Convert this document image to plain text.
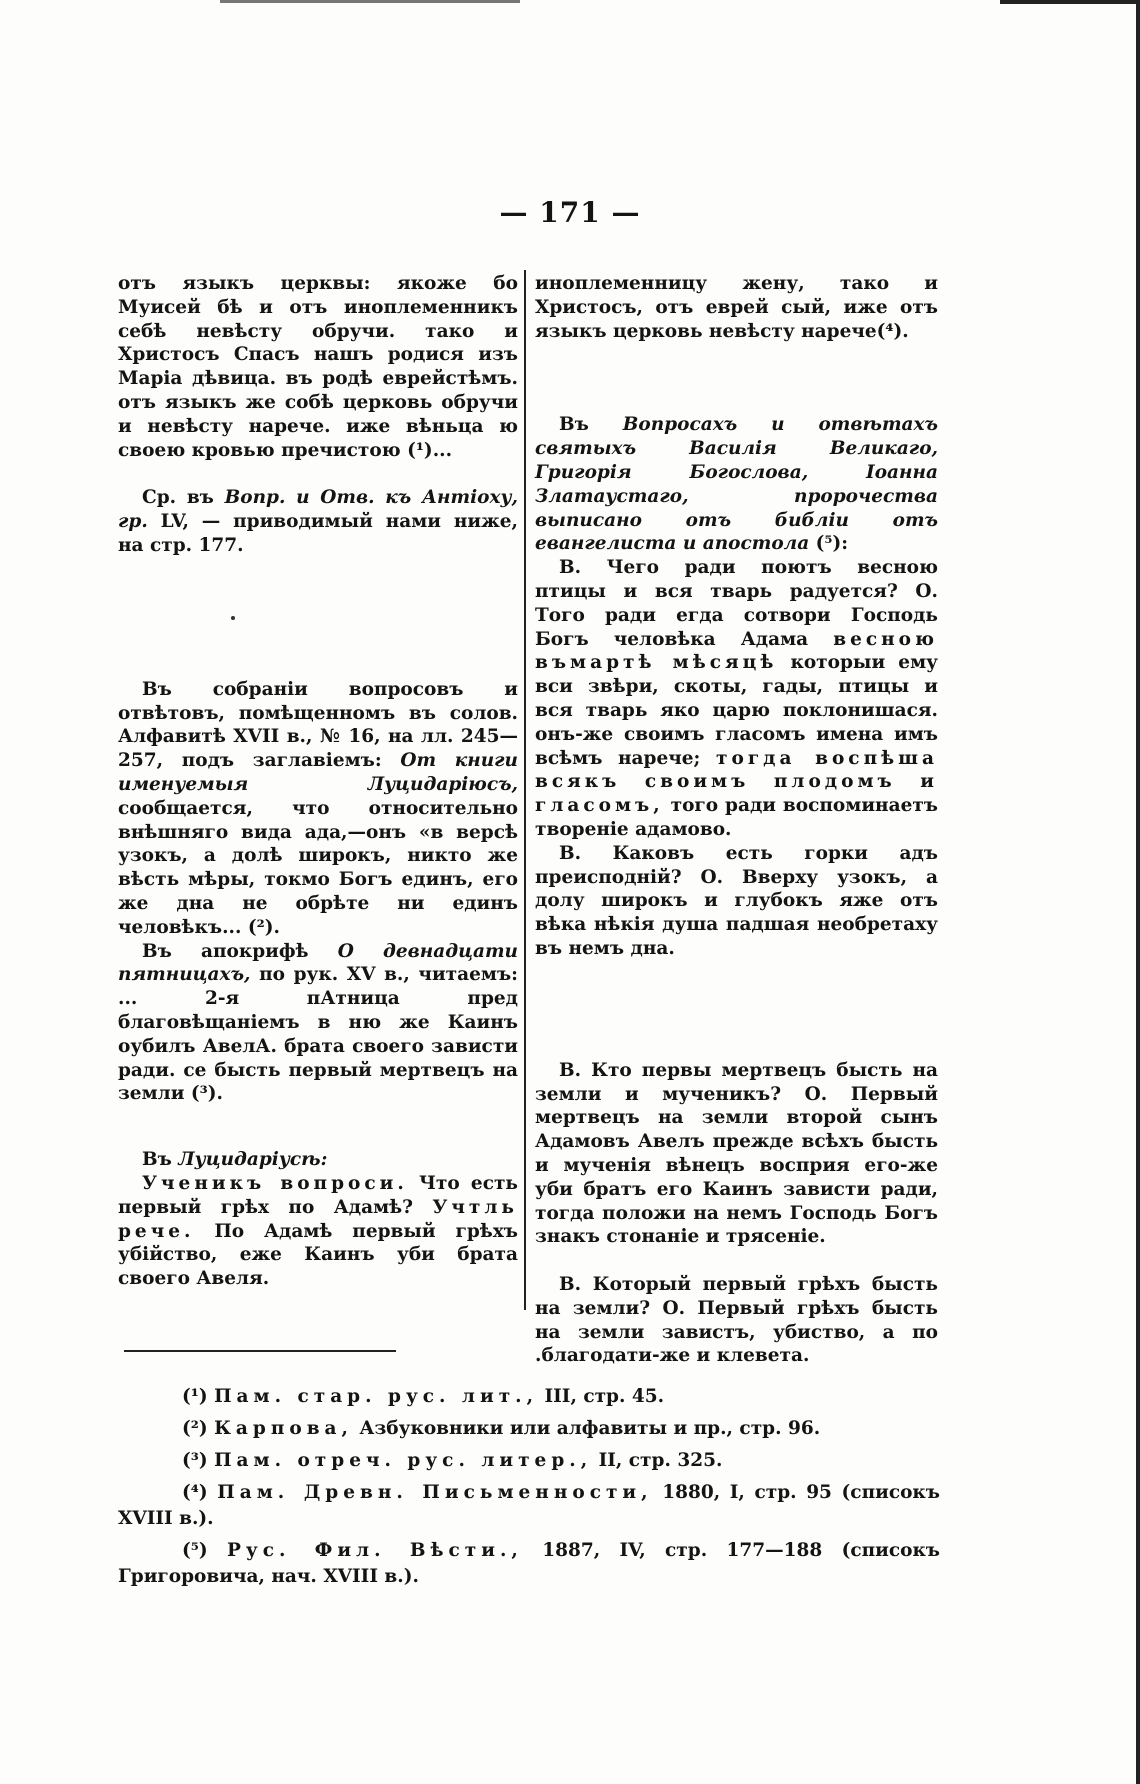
— 171 —

отъ языкъ церквы: якоже бо Муисей бѣ и отъ иноплеменникъ себѣ невѣсту обручи. тако и Христосъ Спасъ нашъ родися изъ Маріа дѣвица. въ родѣ еврейстѣмъ. отъ языкъ же собѣ церковь обручи и невѣсту нарече. иже вѣньца ю своею кровью пречистою (¹)...

Ср. въ Вопр. и Отв. къ Антіоху, гр. LV, — приводимый нами ниже, на стр. 177.

Въ собраніи вопросовъ и отвѣтовъ, помѣщенномъ въ солов. Алфавитѣ XVII в., № 16, на лл. 245—257, подъ заглавіемъ: От книги именуемыя Луцидаріюсъ, сообщается, что относительно внѣшняго вида ада,—онъ «в версѣ узокъ, а долѣ широкъ, никто же вѣсть мѣры, токмо Богъ единъ, его же дна не обрѣте ни единъ человѣкъ... (²).

Въ апокрифѣ О девнадцати пятницахъ, по рук. XV в., читаемъ: ... 2-я пАтница пред благовѣщаніемъ в ню же Каинъ оубилъ АвелА. брата своего зависти ради. се бысть первый мертвецъ на земли (³).

Въ Луцидаріусѣ:

Ученикъ вопроси. Что есть первый грѣх по Адамѣ? Учтль рече. По Адамѣ первый грѣхъ убійство, еже Каинъ уби брата своего Авеля.

иноплеменницу жену, тако и Христосъ, отъ еврей сый, иже отъ языкъ церковь невѣсту нарече(⁴).

Въ Вопросахъ и отвѣтахъ святыхъ Василія Великаго, Григорія Богослова, Іоанна Златаустаго, пророчества выписано отъ библіи отъ евангелиста и апостола (⁵):

В. Чего ради поютъ весною птицы и вся тварь радуется? О. Того ради егда сотвори Господь Богъ человѣка Адама весною въмартѣ мѣсяцѣ которыи ему вси звѣри, скоты, гады, птицы и вся тварь яко царю поклонишася. онъ-же своимъ гласомъ имена имъ всѣмъ нарече; тогда воспѣша всякъ своимъ плодомъ и гласомъ, того ради воспоминаетъ твореніе адамово.

В. Каковъ есть горки адъ преисподній? О. Вверху узокъ, а долу широкъ и глубокъ яже отъ вѣка нѣкія душа падшая необретаху въ немъ дна.

В. Кто первы мертвецъ бысть на земли и мученикъ? О. Первый мертвецъ на земли второй сынъ Адамовъ Авелъ прежде всѣхъ бысть и мученія вѣнецъ восприя его-же уби братъ его Каинъ зависти ради, тогда положи на немъ Господь Богъ знакъ стонаніе и трясеніе.

В. Который первый грѣхъ бысть на земли? О. Первый грѣхъ бысть на земли завистъ, убиство, а по .благодати-же и клевета.

(¹) Пам. стар. рус. лит., III, стр. 45.

(²) Карпова, Азбуковники или алфавиты и пр., стр. 96.

(³) Пам. отреч. рус. литер., II, стр. 325.

(⁴) Пам. Древн. Письменности, 1880, I, стр. 95 (списокъ XVIII в.).

(⁵) Рус. Фил. Вѣсти., 1887, IV, стр. 177—188 (списокъ Григоровича, нач. XVIII в.).
